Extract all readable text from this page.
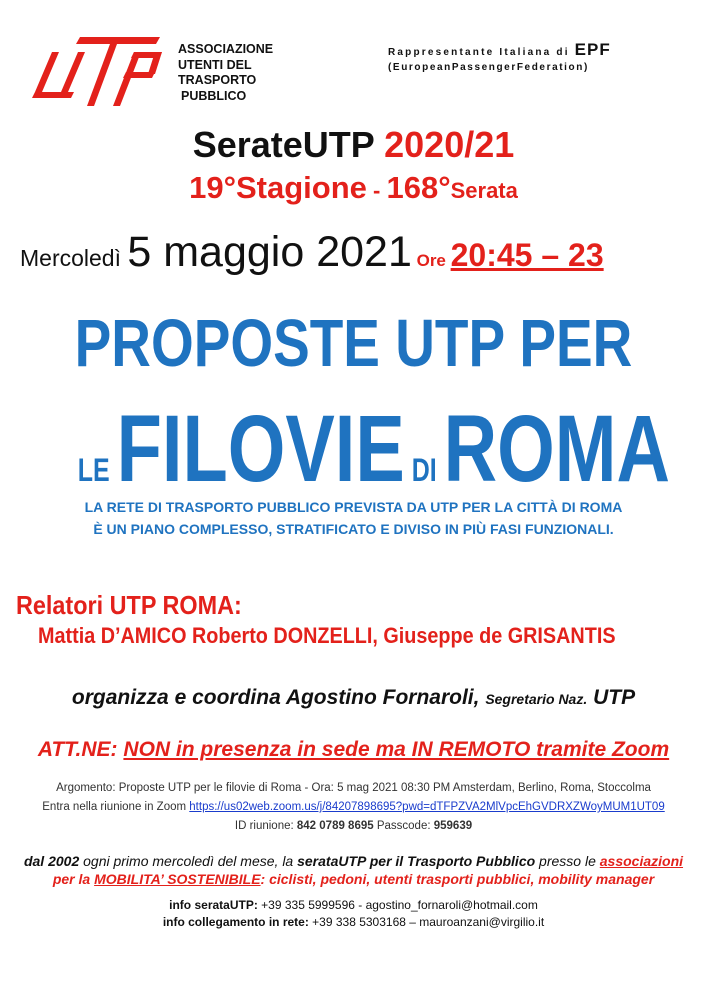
ASSOCIAZIONE
UTENTI DEL
TRASPORTO
PUBBLICO
Rappresentante Italiana di EPF
(EuropeanPassengerFederation)
SerateUTP 2020/21
19°Stagione - 168°Serata
Mercoledì 5 maggio 2021 Ore 20:45 – 23
PROPOSTE UTP PER
LE FILOVIE DI ROMA
LA RETE DI TRASPORTO PUBBLICO PREVISTA DA UTP PER LA CITTÀ DI ROMA
È UN PIANO COMPLESSO, STRATIFICATO E DIVISO IN PIÙ FASI FUNZIONALI.
Relatori UTP ROMA:
Mattia D’AMICO Roberto DONZELLI, Giuseppe de GRISANTIS
organizza e coordina Agostino Fornaroli, Segretario Naz. UTP
ATT.NE: NON in presenza in sede ma IN REMOTO tramite Zoom
Argomento: Proposte UTP per le filovie di Roma - Ora: 5 mag 2021 08:30 PM Amsterdam, Berlino, Roma, Stoccolma
Entra nella riunione in Zoom https://us02web.zoom.us/j/84207898695?pwd=dTFPZVA2MlVpcEhGVDRXZWoyMUM1UT09
ID riunione: 842 0789 8695 Passcode: 959639
dal 2002 ogni primo mercoledì del mese, la serataUTP per il Trasporto Pubblico presso le associazioni
per la MOBILITA’ SOSTENIBILE: ciclisti, pedoni, utenti trasporti pubblici, mobility manager
info serataUTP: +39 335 5999596 - agostino_fornaroli@hotmail.com
info collegamento in rete: +39 338 5303168 – mauroanzani@virgilio.it
